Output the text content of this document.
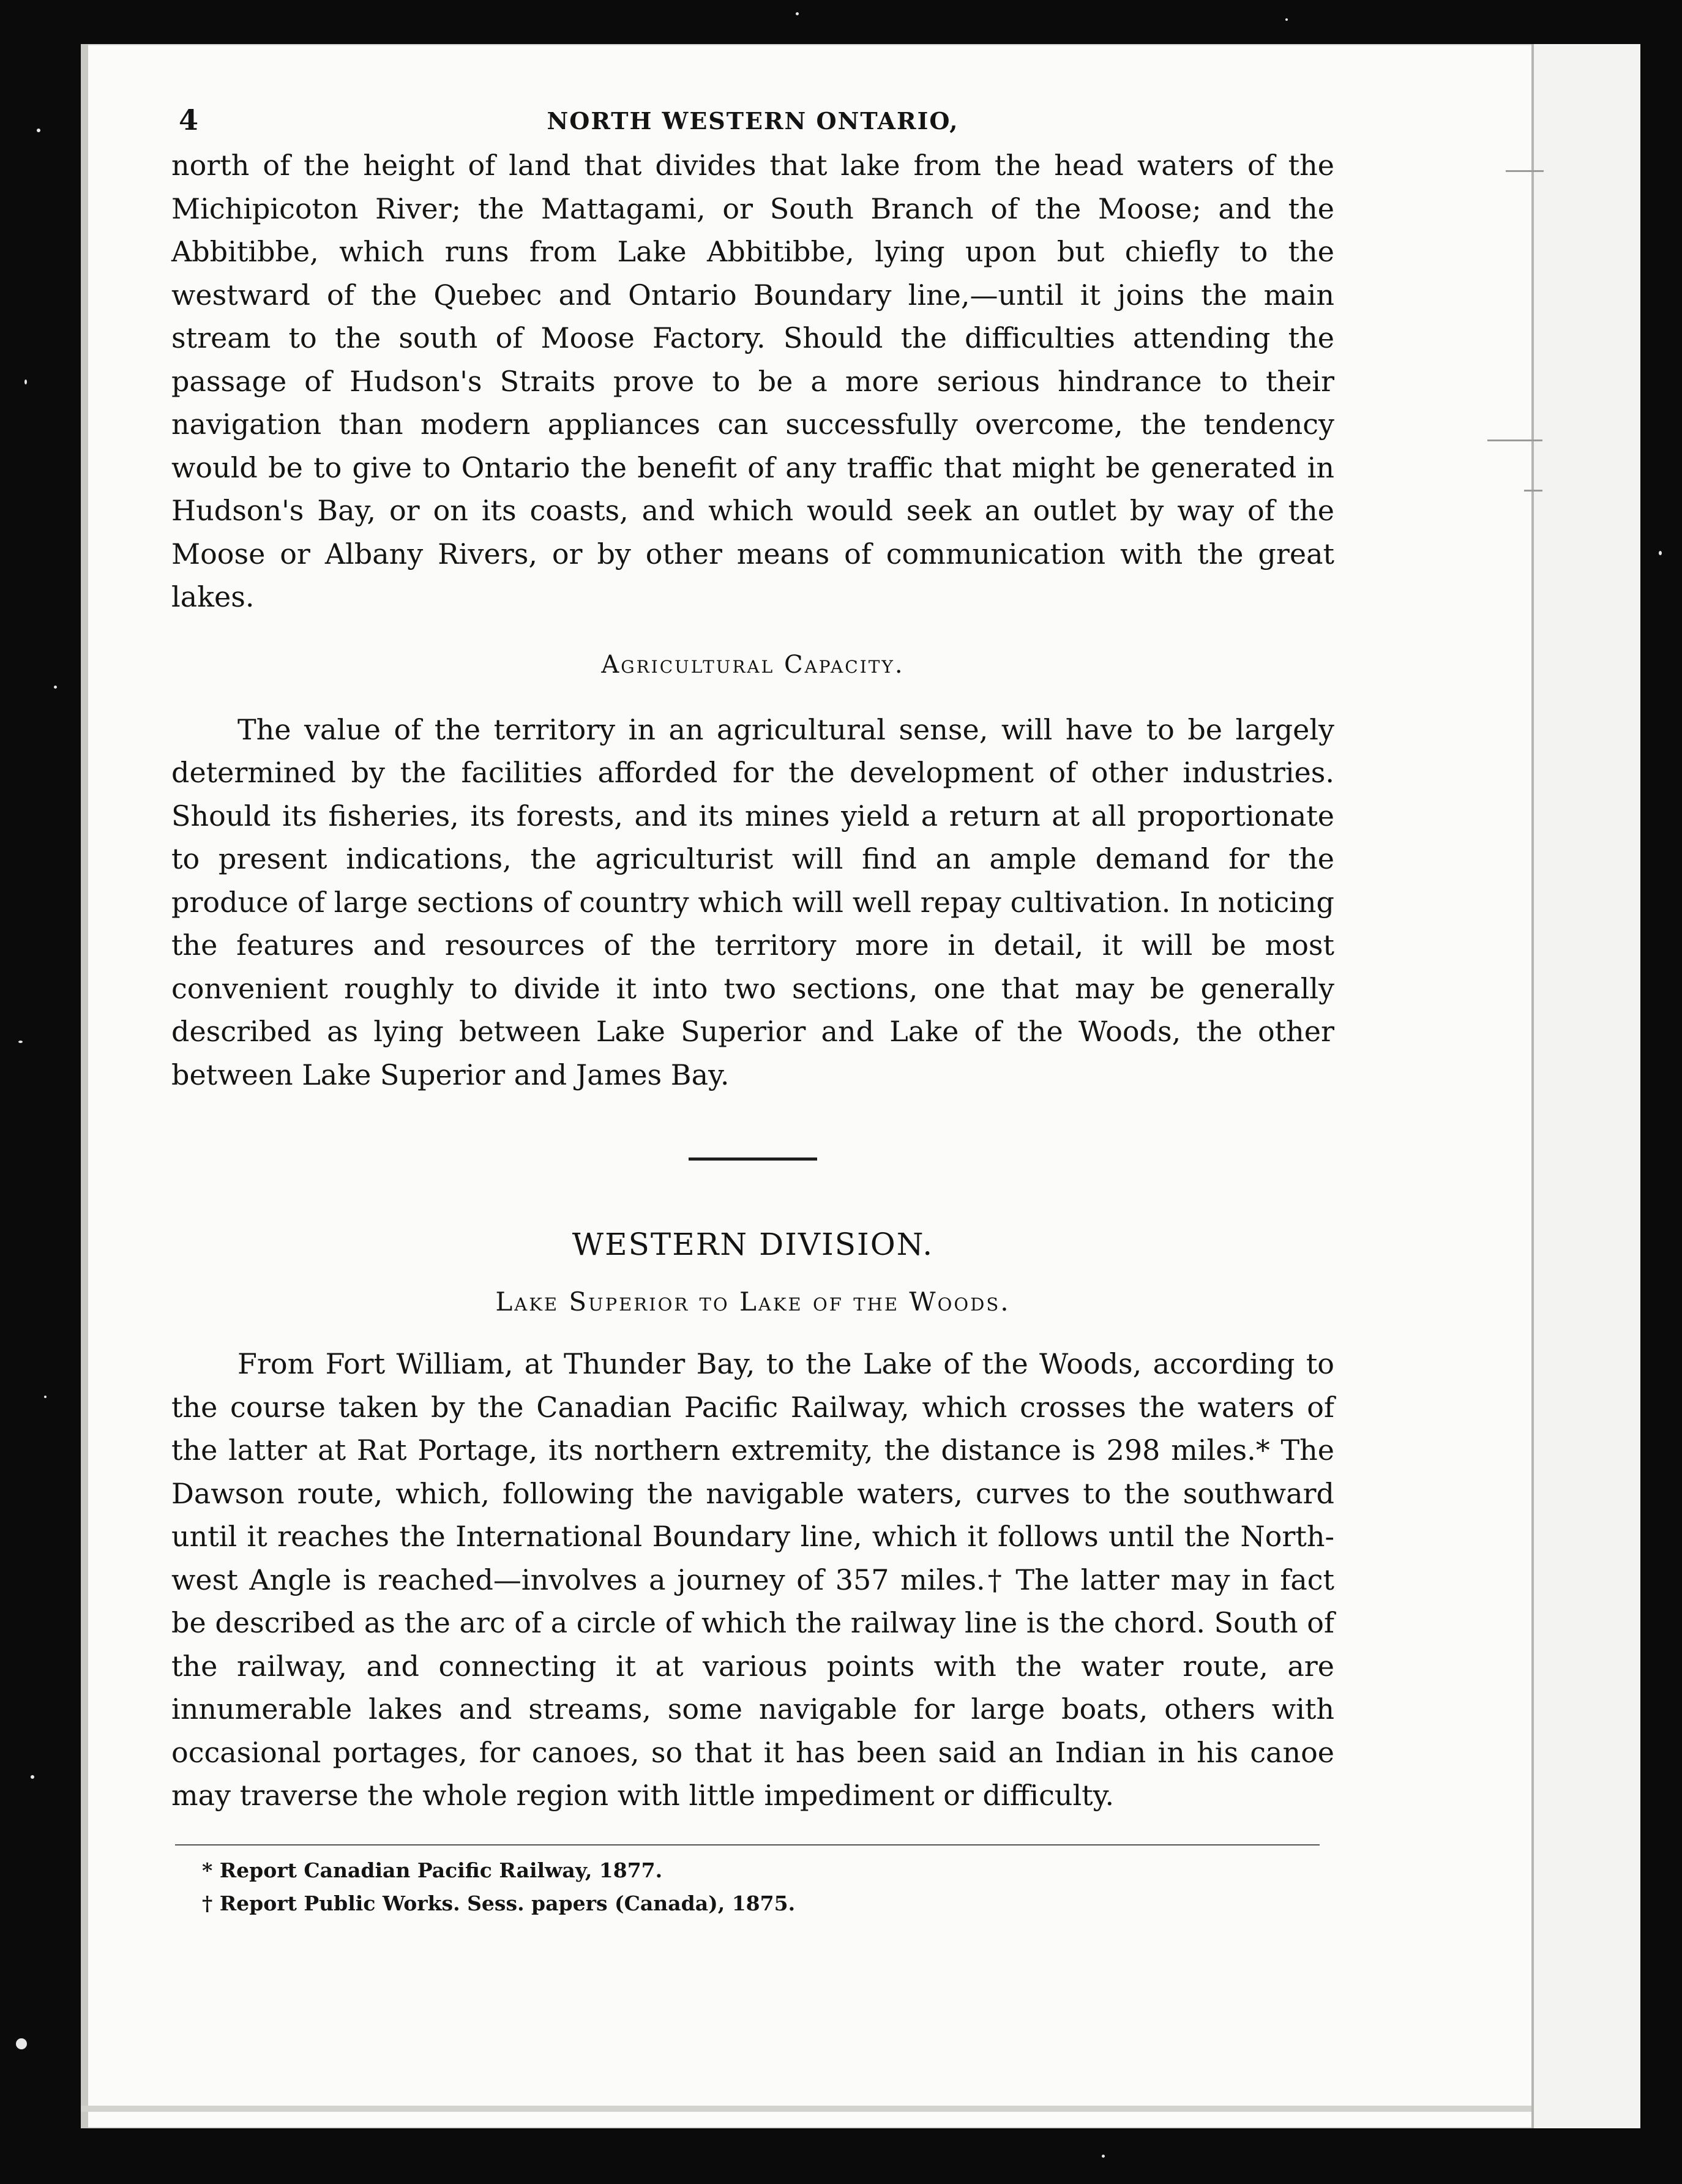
4	NORTH WESTERN ONTARIO,

north of the height of land that divides that lake from the head waters of the Michipicoton River; the Mattagami, or South Branch of the Moose; and the Abbitibbe, which runs from Lake Abbitibbe, lying upon but chiefly to the westward of the Quebec and Ontario Boundary line,—until it joins the main stream to the south of Moose Factory. Should the difficulties attending the passage of Hudson's Straits prove to be a more serious hindrance to their navigation than modern appliances can successfully overcome, the tendency would be to give to Ontario the benefit of any traffic that might be generated in Hudson's Bay, or on its coasts, and which would seek an outlet by way of the Moose or Albany Rivers, or by other means of communication with the great lakes.

Agricultural Capacity.

The value of the territory in an agricultural sense, will have to be largely determined by the facilities afforded for the development of other industries. Should its fisheries, its forests, and its mines yield a return at all proportionate to present indications, the agriculturist will find an ample demand for the produce of large sections of country which will well repay cultivation. In noticing the features and resources of the territory more in detail, it will be most convenient roughly to divide it into two sections, one that may be generally described as lying between Lake Superior and Lake of the Woods, the other between Lake Superior and James Bay.

WESTERN DIVISION.
Lake Superior to Lake of the Woods.

From Fort William, at Thunder Bay, to the Lake of the Woods, according to the course taken by the Canadian Pacific Railway, which crosses the waters of the latter at Rat Portage, its northern extremity, the distance is 298 miles.* The Dawson route, which, following the navigable waters, curves to the southward until it reaches the International Boundary line, which it follows until the North-west Angle is reached—involves a journey of 357 miles.† The latter may in fact be described as the arc of a circle of which the railway line is the chord. South of the railway, and connecting it at various points with the water route, are innumerable lakes and streams, some navigable for large boats, others with occasional portages, for canoes, so that it has been said an Indian in his canoe may traverse the whole region with little impediment or difficulty.

* Report Canadian Pacific Railway, 1877.
† Report Public Works. Sess. papers (Canada), 1875.
